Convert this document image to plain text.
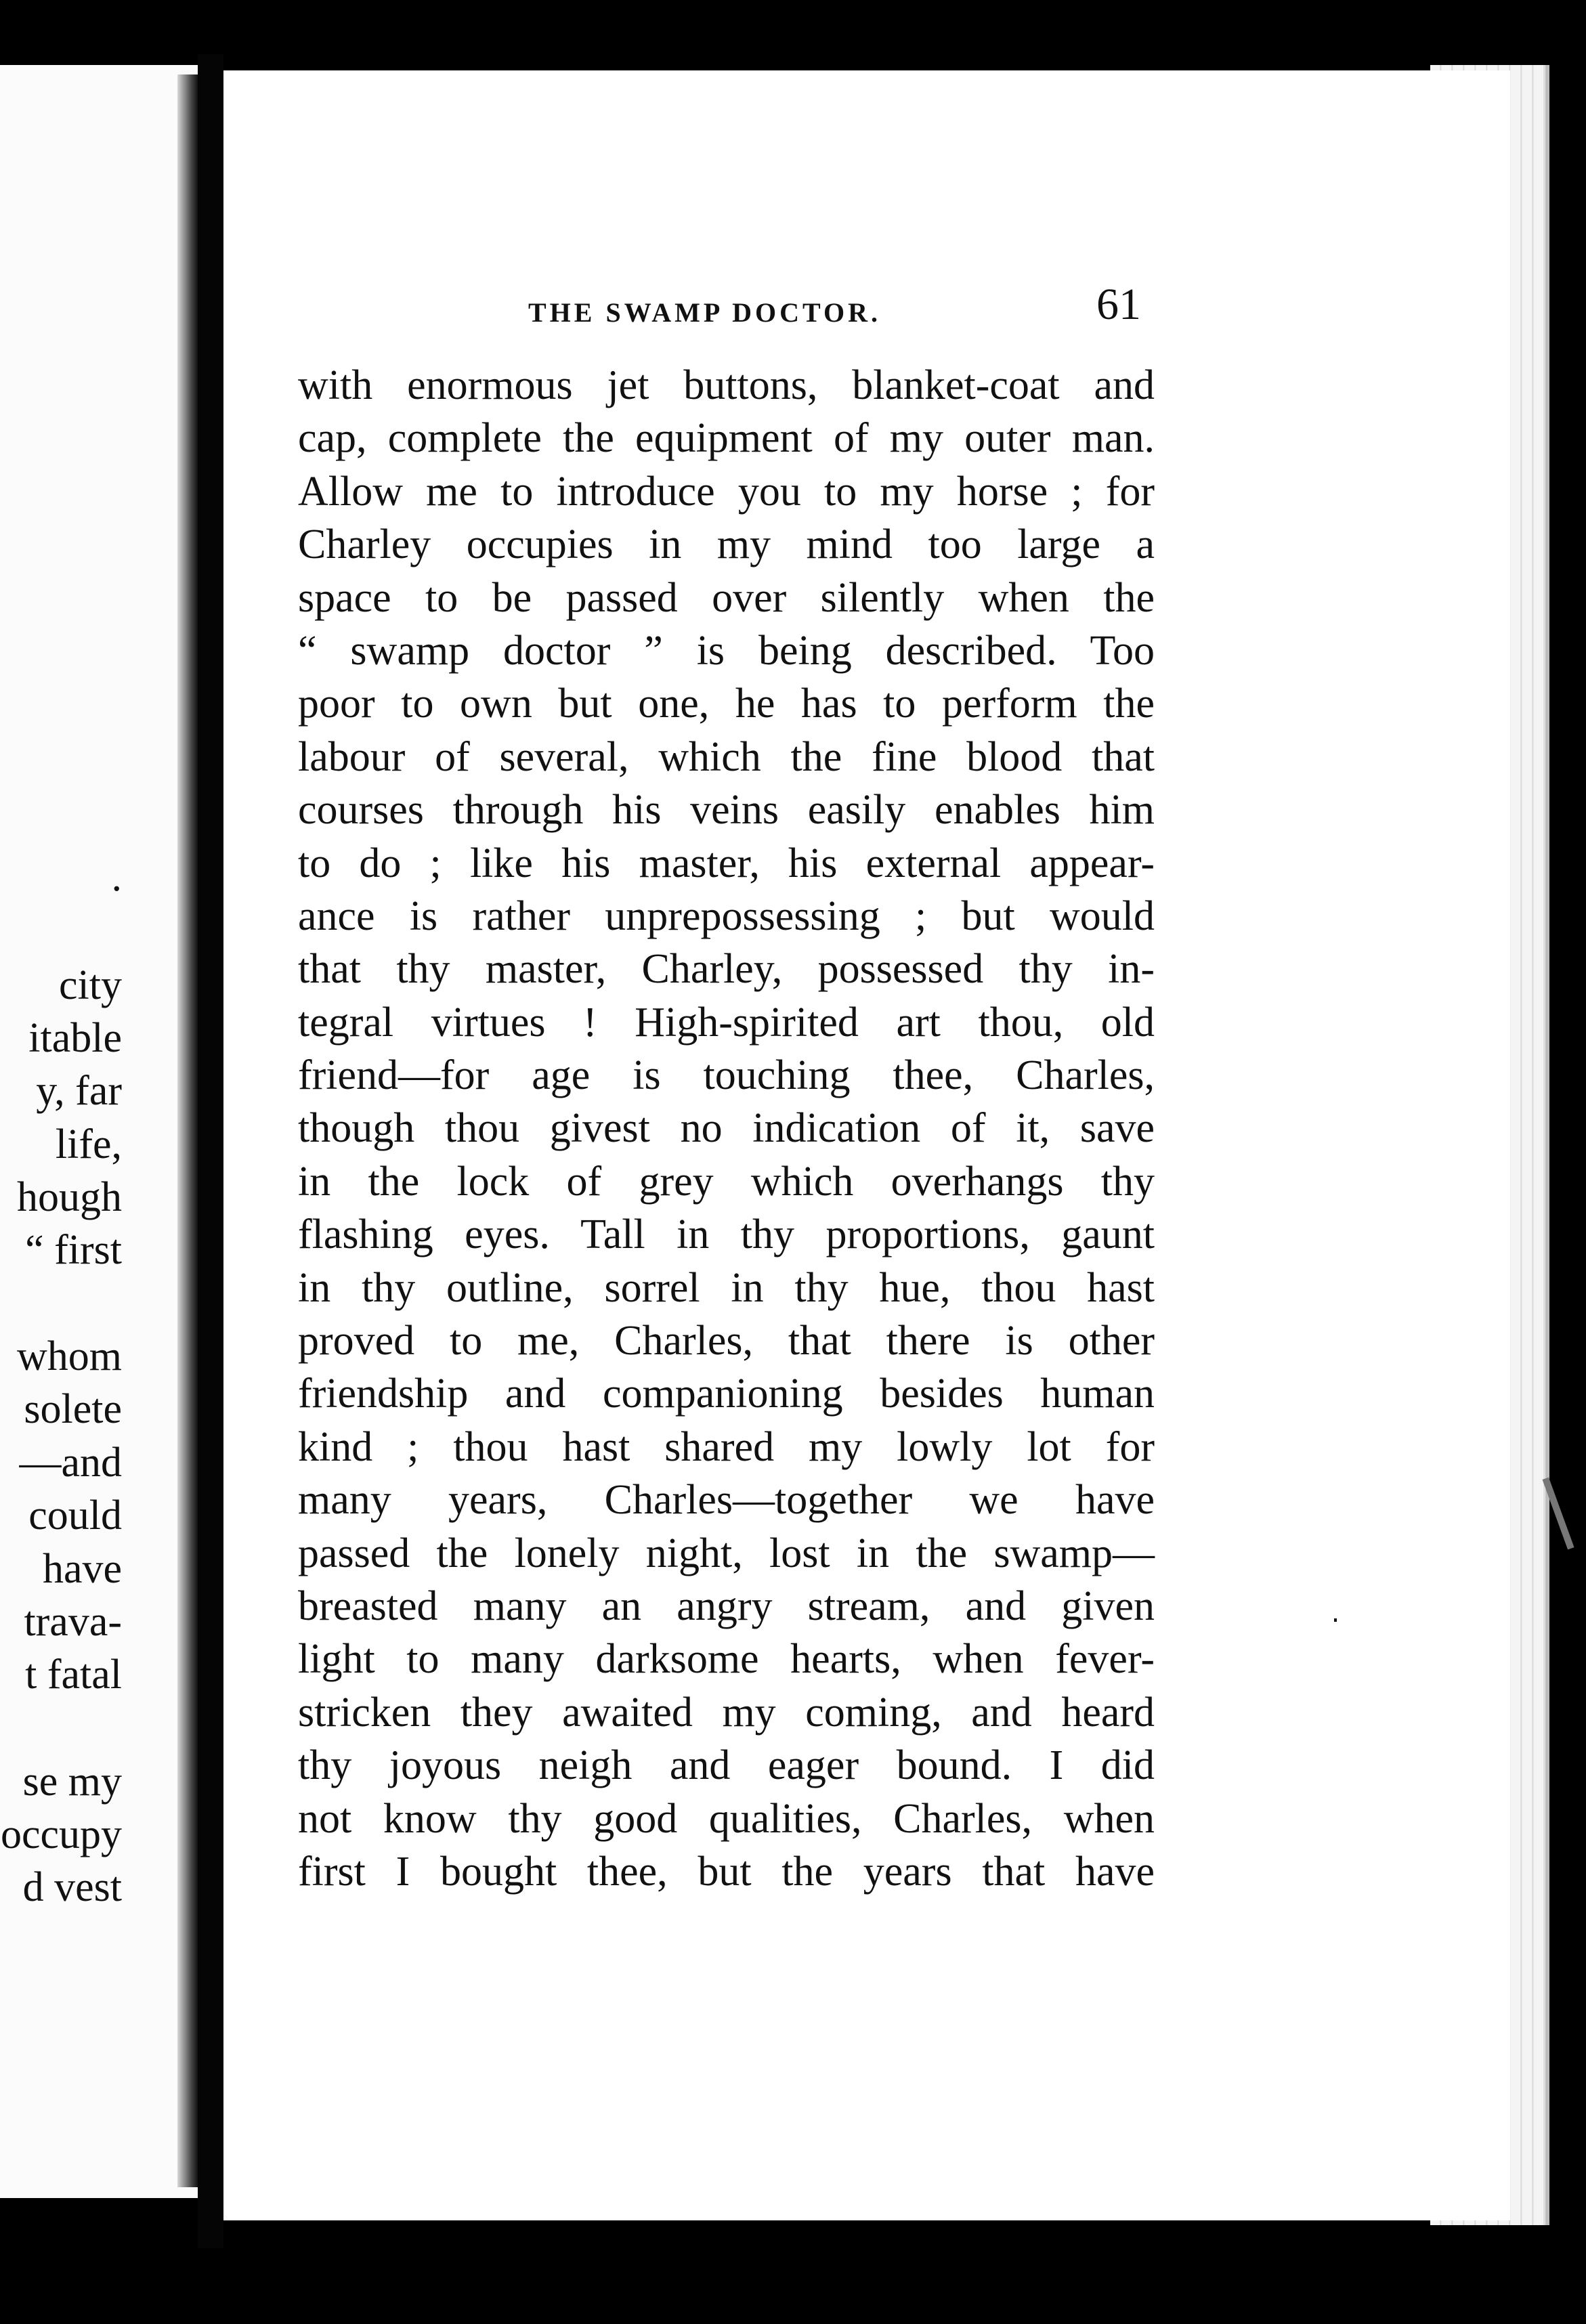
.
city
itable
y, far
life,
hough
“ first
whom
solete
—and
could
have
trava-
t fatal
se my
occupy
d vest
THE SWAMP DOCTOR.	61
with enormous jet buttons, blanket-coat and
cap, complete the equipment of my outer man.
Allow me to introduce you to my horse ; for
Charley occupies in my mind too large a
space to be passed over silently when the
“ swamp doctor ” is being described. Too
poor to own but one, he has to perform the
labour of several, which the fine blood that
courses through his veins easily enables him
to do ; like his master, his external appear-
ance is rather unprepossessing ; but would
that thy master, Charley, possessed thy in-
tegral virtues ! High-spirited art thou, old
friend—for age is touching thee, Charles,
though thou givest no indication of it, save
in the lock of grey which overhangs thy
flashing eyes. Tall in thy proportions, gaunt
in thy outline, sorrel in thy hue, thou hast
proved to me, Charles, that there is other
friendship and companioning besides human
kind ; thou hast shared my lowly lot for
many years, Charles—together we have
passed the lonely night, lost in the swamp—
breasted many an angry stream, and given
light to many darksome hearts, when fever-
stricken they awaited my coming, and heard
thy joyous neigh and eager bound. I did
not know thy good qualities, Charles, when
first I bought thee, but the years that have
